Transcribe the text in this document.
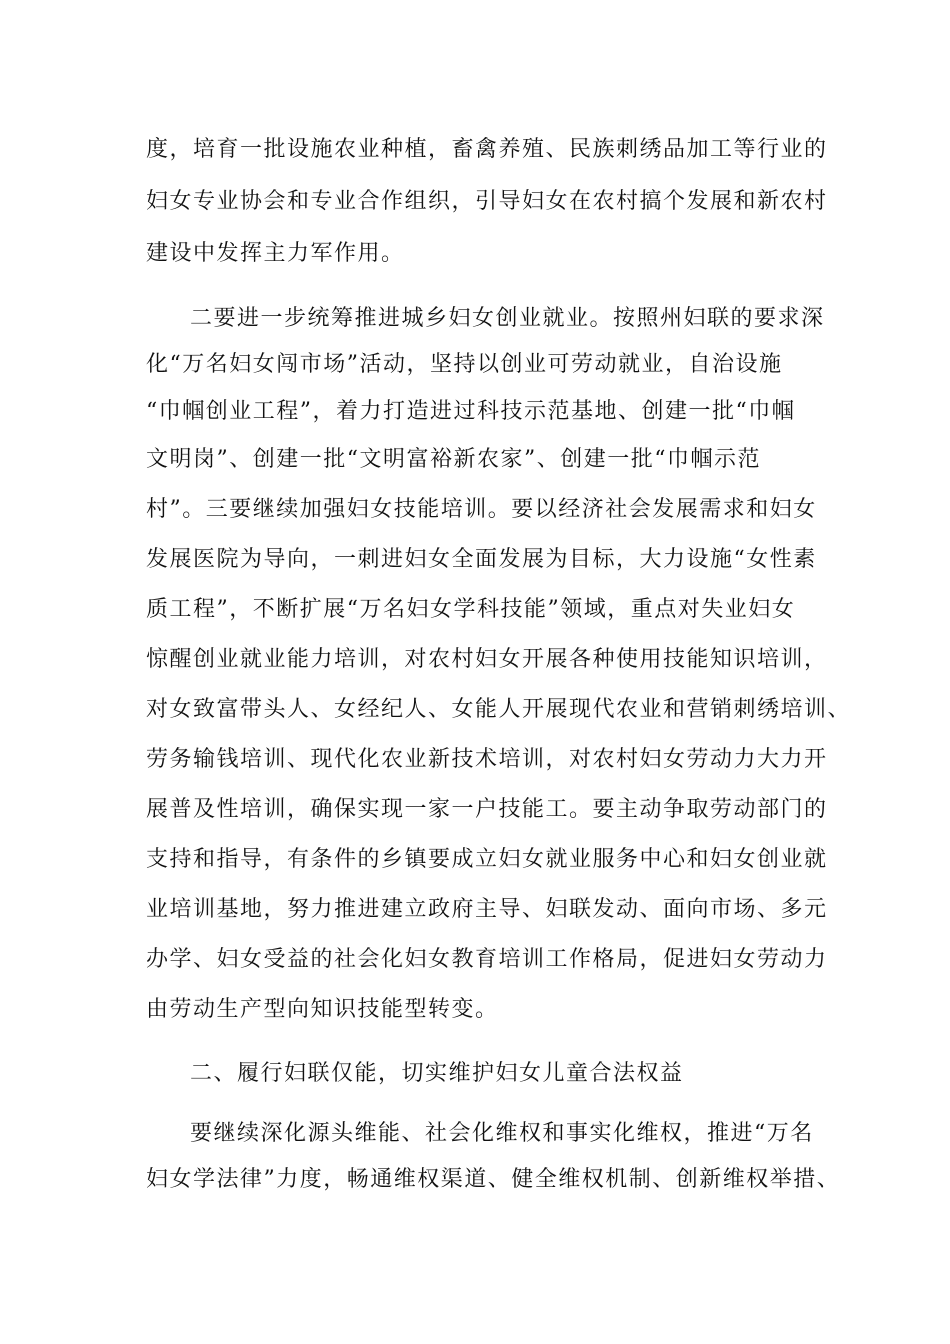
度，培育一批设施农业种植，畜禽养殖、民族刺绣品加工等行业的
妇女专业协会和专业合作组织，引导妇女在农村搞个发展和新农村
建设中发挥主力军作用。
二要进一步统筹推进城乡妇女创业就业。按照州妇联的要求深
化“万名妇女闯市场”活动，坚持以创业可劳动就业，自治设施
“巾帼创业工程”，着力打造进过科技示范基地、创建一批“巾帼
文明岗”、创建一批“文明富裕新农家”、创建一批“巾帼示范
村”。三要继续加强妇女技能培训。要以经济社会发展需求和妇女
发展医院为导向，一刺进妇女全面发展为目标，大力设施“女性素
质工程”，不断扩展“万名妇女学科技能”领域，重点对失业妇女
惊醒创业就业能力培训，对农村妇女开展各种使用技能知识培训，
对女致富带头人、女经纪人、女能人开展现代农业和营销刺绣培训、
劳务输钱培训、现代化农业新技术培训，对农村妇女劳动力大力开
展普及性培训，确保实现一家一户技能工。要主动争取劳动部门的
支持和指导，有条件的乡镇要成立妇女就业服务中心和妇女创业就
业培训基地，努力推进建立政府主导、妇联发动、面向市场、多元
办学、妇女受益的社会化妇女教育培训工作格局，促进妇女劳动力
由劳动生产型向知识技能型转变。
二、履行妇联仅能，切实维护妇女儿童合法权益
要继续深化源头维能、社会化维权和事实化维权，推进“万名
妇女学法律”力度，畅通维权渠道、健全维权机制、创新维权举措、
